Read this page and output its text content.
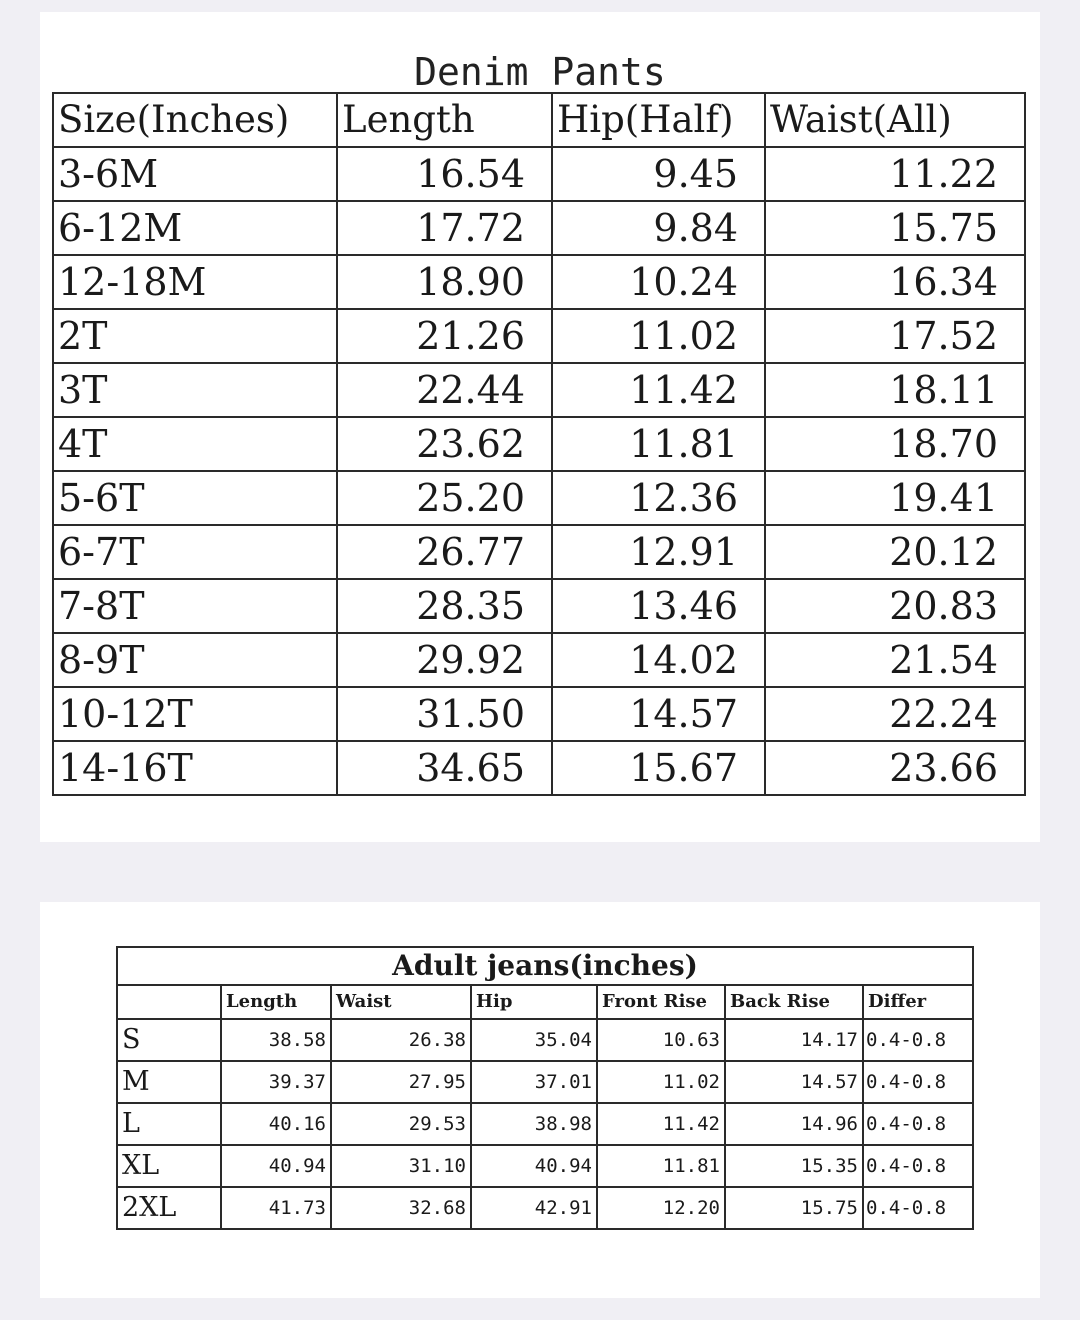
Denim Pants
Size(Inches)	Length	Hip(Half)	Waist(All)
3-6M	16.54	9.45	11.22
6-12M	17.72	9.84	15.75
12-18M	18.90	10.24	16.34
2T	21.26	11.02	17.52
3T	22.44	11.42	18.11
4T	23.62	11.81	18.70
5-6T	25.20	12.36	19.41
6-7T	26.77	12.91	20.12
7-8T	28.35	13.46	20.83
8-9T	29.92	14.02	21.54
10-12T	31.50	14.57	22.24
14-16T	34.65	15.67	23.66
Adult jeans(inches)						
	Length	Waist	Hip	Front Rise	Back Rise	Differ
S	38.58	26.38	35.04	10.63	14.17	0.4-0.8
M	39.37	27.95	37.01	11.02	14.57	0.4-0.8
L	40.16	29.53	38.98	11.42	14.96	0.4-0.8
XL	40.94	31.10	40.94	11.81	15.35	0.4-0.8
2XL	41.73	32.68	42.91	12.20	15.75	0.4-0.8
